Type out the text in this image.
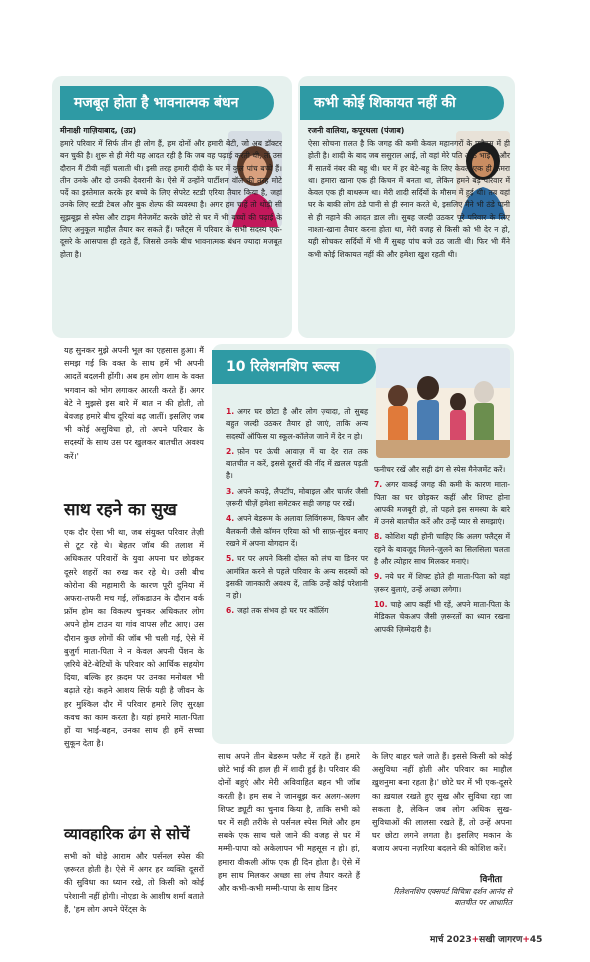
मजबूत होता है भावनात्मक बंधन
मीनाक्षी गाज़ियाबाद, (उप्र)
हमारे परिवार में सिर्फ तीन ही लोग हैं, हम दोनों और हमारी बेटी, जो अब डॉक्टर बन चुकी है। शुरू से ही मेरी यह आदत रही है कि जब वह पढ़ाई करती थी, तो उस दौरान मैं टीवी नहीं चलाती थी। इसी तरह हमारी दीदी के घर में कुल पांच बच्चे हैं। तीन उनके और दो उनकी देवरानी के। ऐसे में उन्होंने पार्टीशन वॉल की तरह मोटे पर्दे का इस्तेमाल करके हर बच्चे के लिए सेपरेट स्टडी एरिया तैयार किया है, जहां उनके लिए स्टडी टेबल और बुक शेल्फ की व्यवस्था है। अगर हम चाहें तो थोड़ी सी सूझबूझ से स्पेस और टाइम मैनेजमेंट करके छोटे से घर में भी बच्चों की पढ़ाई के लिए अनुकूल माहौल तैयार कर सकते हैं। फ्लैट्स में परिवार के सभी सदस्य एक-दूसरे के आसपास ही रहते हैं, जिससे उनके बीच भावनात्मक बंधन ज्यादा मजबूत होता है।
कभी कोई शिकायत नहीं की
रजनी वालिया, कपूरथला (पंजाब)
ऐसा सोचना ग़लत है कि जगह की कमी केवल महानगरों के फ्लैट्स में ही होती है। शादी के बाद जब ससुराल आई, तो वहां मेरे पति आठ भाई हैं और मैं सातवें नंबर की बहू थी। घर में हर बेटे-बहू के लिए केवल एक ही कमरा था। हमारा खाना एक ही किचन में बनता था, लेकिन हमने बड़े परिवार में केवल एक ही बाथरूम था। मेरी शादी सर्दियों के मौसम में हुई थी। तब वहां घर के बाकी लोग ठंडे पानी से ही स्नान करते थे, इसलिए मैंने भी ठंडे पानी से ही नहाने की आदत डाल ली। सुबह जल्दी उठकर पूरे परिवार के लिए नाश्ता-खाना तैयार करना होता था, मेरी वजह से किसी को भी देर न हो, यही सोचकर सर्दियों में भी मैं सुबह पांच बजे उठ जाती थी। फिर भी मैंने कभी कोई शिकायत नहीं की और हमेशा खुश रहती थी।
यह सुनकर मुझे अपनी भूल का एहसास हुआ। मैं समझ गई कि वक्त के साथ हमें भी अपनी आदतें बदलनी होंगी। अब हम लोग शाम के वक्त भगवान को भोग लगाकर आरती करते हैं। अगर बेटे ने मुझसे इस बारे में बात न की होती, तो बेवजह हमारे बीच दूरियां बढ़ जातीं। इसलिए जब भी कोई असुविधा हो, तो अपने परिवार के सदस्यों के साथ उस पर खुलकर बातचीत अवश्य करें।'
साथ रहने का सुख
एक दौर ऐसा भी था, जब संयुक्त परिवार तेज़ी से टूट रहे थे। बेहतर जॉब की तलाश में अधिकतर परिवारों के युवा अपना घर छोड़कर दूसरे शहरों का रुख कर रहे थे। उसी बीच कोरोना की महामारी के कारण पूरी दुनिया में अफरा-तफरी मच गई, लॉकडाउन के दौरान वर्क फ्रॉम होम का विकल्प चुनकर अधिकतर लोग अपने होम टाउन या गांव वापस लौट आए। उस दौरान कुछ लोगों की जॉब भी चली गई, ऐसे में बुजुर्ग माता-पिता ने न केवल अपनी पेंशन के ज़रिये बेटे-बेटियों के परिवार को आर्थिक सहयोग दिया, बल्कि हर क़दम पर उनका मनोबल भी बढ़ाते रहे। कहने आशय सिर्फ यही है जीवन के हर मुश्किल दौर में परिवार हमारे लिए सुरक्षा कवच का काम करता है। यहां हमारे माता-पिता हों या भाई-बहन, उनका साथ ही हमें सच्चा सुकून देता है।
व्यावहारिक ढंग से सोचें
सभी को थोड़े आराम और पर्सनल स्पेस की ज़रूरत होती है। ऐसे में अगर हर व्यक्ति दूसरों की सुविधा का ध्यान रखे, तो किसी को कोई परेशानी नहीं होगी। नोएडा के आशीष शर्मा बताते हैं, 'हम लोग अपने पेरेंट्स के
10 रिलेशनशिप रूल्स
1. अगर घर छोटा है और लोग ज़्यादा, तो सुबह बहुत जल्दी उठकर तैयार हो जाएं, ताकि अन्य सदस्यों ऑफिस या स्कूल-कॉलेज जाने में देर न हो।
2. फ़ोन पर ऊंची आवाज़ में या देर रात तक बातचीत न करें, इससे दूसरों की नींद में ख़लल पड़ती है।
3. अपने कपड़े, लैपटॉप, मोबाइल और चार्जर जैसी ज़रूरी चीज़ें हमेशा समेटकर सही जगह पर रखें।
4. अपने बेडरूम के अलावा लिविंगरूम, किचन और बैलकनी जैसे कॉमन एरिया को भी साफ़-सुंदर बनाए रखने में अपना योगदान दें।
5. घर पर अपने किसी दोस्त को लंच या डिनर पर आमंत्रित करने से पहले परिवार के अन्य सदस्यों को इसकी जानकारी अवश्य दें, ताकि उन्हें कोई परेशानी न हो।
6. जहां तक संभव हो घर पर कॉलिंग
फनीचर रखें और सही ढंग से स्पेस मैनेजमेंट करें।
7. अगर वाकई जगह की कमी के कारण माता-पिता का घर छोड़कर कहीं और शिफ्ट होना आपकी मजबूरी हो, तो पहले इस समस्या के बारे में उनसे बातचीत करें और उन्हें प्यार से समझाएं।
8. कोशिश यही होनी चाहिए कि अलग फ्लैट्स में रहने के बावजूद मिलने-जुलने का सिलसिला चलता है और त्योहार साथ मिलकर मनाएं।
9. नये घर में शिफ्ट होते ही माता-पिता को वहां ज़रूर बुलाएं, उन्हें अच्छा लगेगा।
10. चाहे आप कहीं भी रहें, अपने माता-पिता के मेडिकल चेकअप जैसी ज़रूरतों का ध्यान रखना आपकी ज़िम्मेदारी है।
साथ अपने तीन बेडरूम फ्लैट में रहते हैं। हमारे छोटे भाई की हाल ही में शादी हुई है। परिवार की दोनों बहुएं और मेरी अविवाहित बहन भी जॉब करती है। हम सब ने जानबूझ कर अलग-अलग शिफ्ट ड्यूटी का चुनाव किया है, ताकि सभी को घर में सही तरीके से पर्सनल स्पेस मिले और हम सबके एक साथ चले जाने की वजह से घर में मम्मी-पापा को अकेलापन भी महसूस न हो। हां, हमारा वीकली ऑफ एक ही दिन होता है। ऐसे में हम साथ मिलकर अच्छा सा लंच तैयार करते हैं और कभी-कभी मम्मी-पापा के साथ डिनर
के लिए बाहर चले जाते हैं। इससे किसी को कोई असुविधा नहीं होती और परिवार का माहौल ख़ुशनुमा बना रहता है।' छोटे घर में भी एक-दूसरे का ख़याल रखते हुए सुख और सुविधा रहा जा सकता है, लेकिन जब लोग अधिक सुख-सुविधाओं की लालसा रखते हैं, तो उन्हें अपना घर छोटा लगने लगता है। इसलिए मकान के बजाय अपना नज़रिया बदलने की कोशिश करें।
विनीता
रिलेशनशिप एक्सपर्ट विचित्रा दर्शन आनंद से बातचीत पर आधारित
मार्च 2023+सखी जागरण+45
